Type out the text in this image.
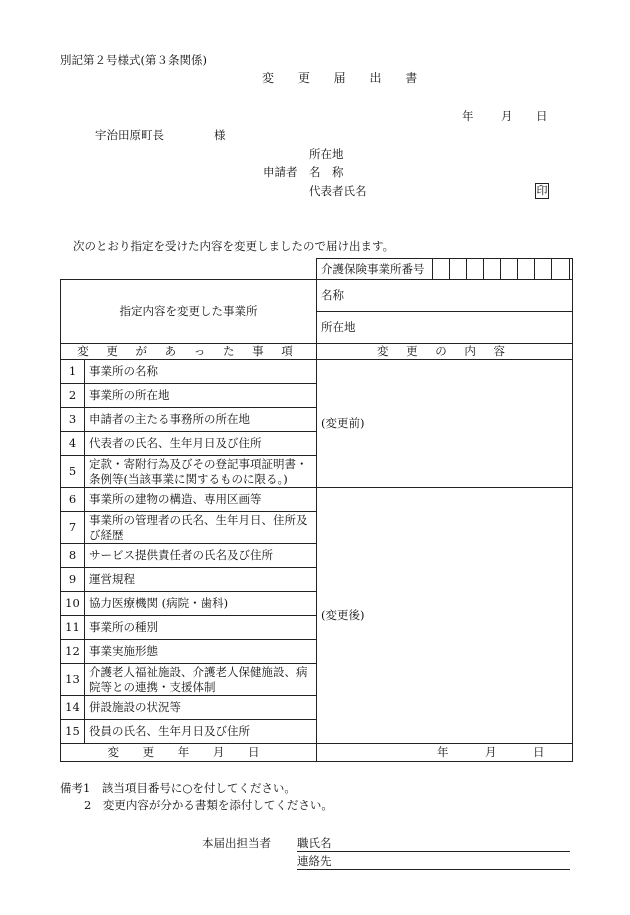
別記第２号様式(第３条関係)
変 更 届 出 書
年 月 日
宇治田原町長	様
所在地
申請者 名　称
代表者氏名	印
次のとおり指定を受けた内容を変更しましたので届け出ます。
		介護保険事業所番号									
指定内容を変更した事業所		名称									
		所在地									
変 更 が あ っ た 事 項		変 更 の 内 容									
1	事業所の名称	(変更前)									
2	事業所の所在地										
3	申請者の主たる事務所の所在地										
4	代表者の氏名、生年月日及び住所										
5	定款・寄附行為及びその登記事項証明書・条例等(当該事業に関するものに限る。)										
6	事業所の建物の構造、専用区画等	(変更後)									
7	事業所の管理者の氏名、生年月日、住所及び経歴										
8	サービス提供責任者の氏名及び住所										
9	運営規程										
10	協力医療機関 (病院・歯科)										
11	事業所の種別										
12	事業実施形態										
13	介護老人福祉施設、介護老人保健施設、病院等との連携・支援体制										
14	併設施設の状況等										
15	役員の氏名、生年月日及び住所										
変 更 年 月 日		年 月 日									
備考1　該当項目番号に○を付してください。
2　変更内容が分かる書類を添付してください。
本届出担当者 職氏名
連絡先
